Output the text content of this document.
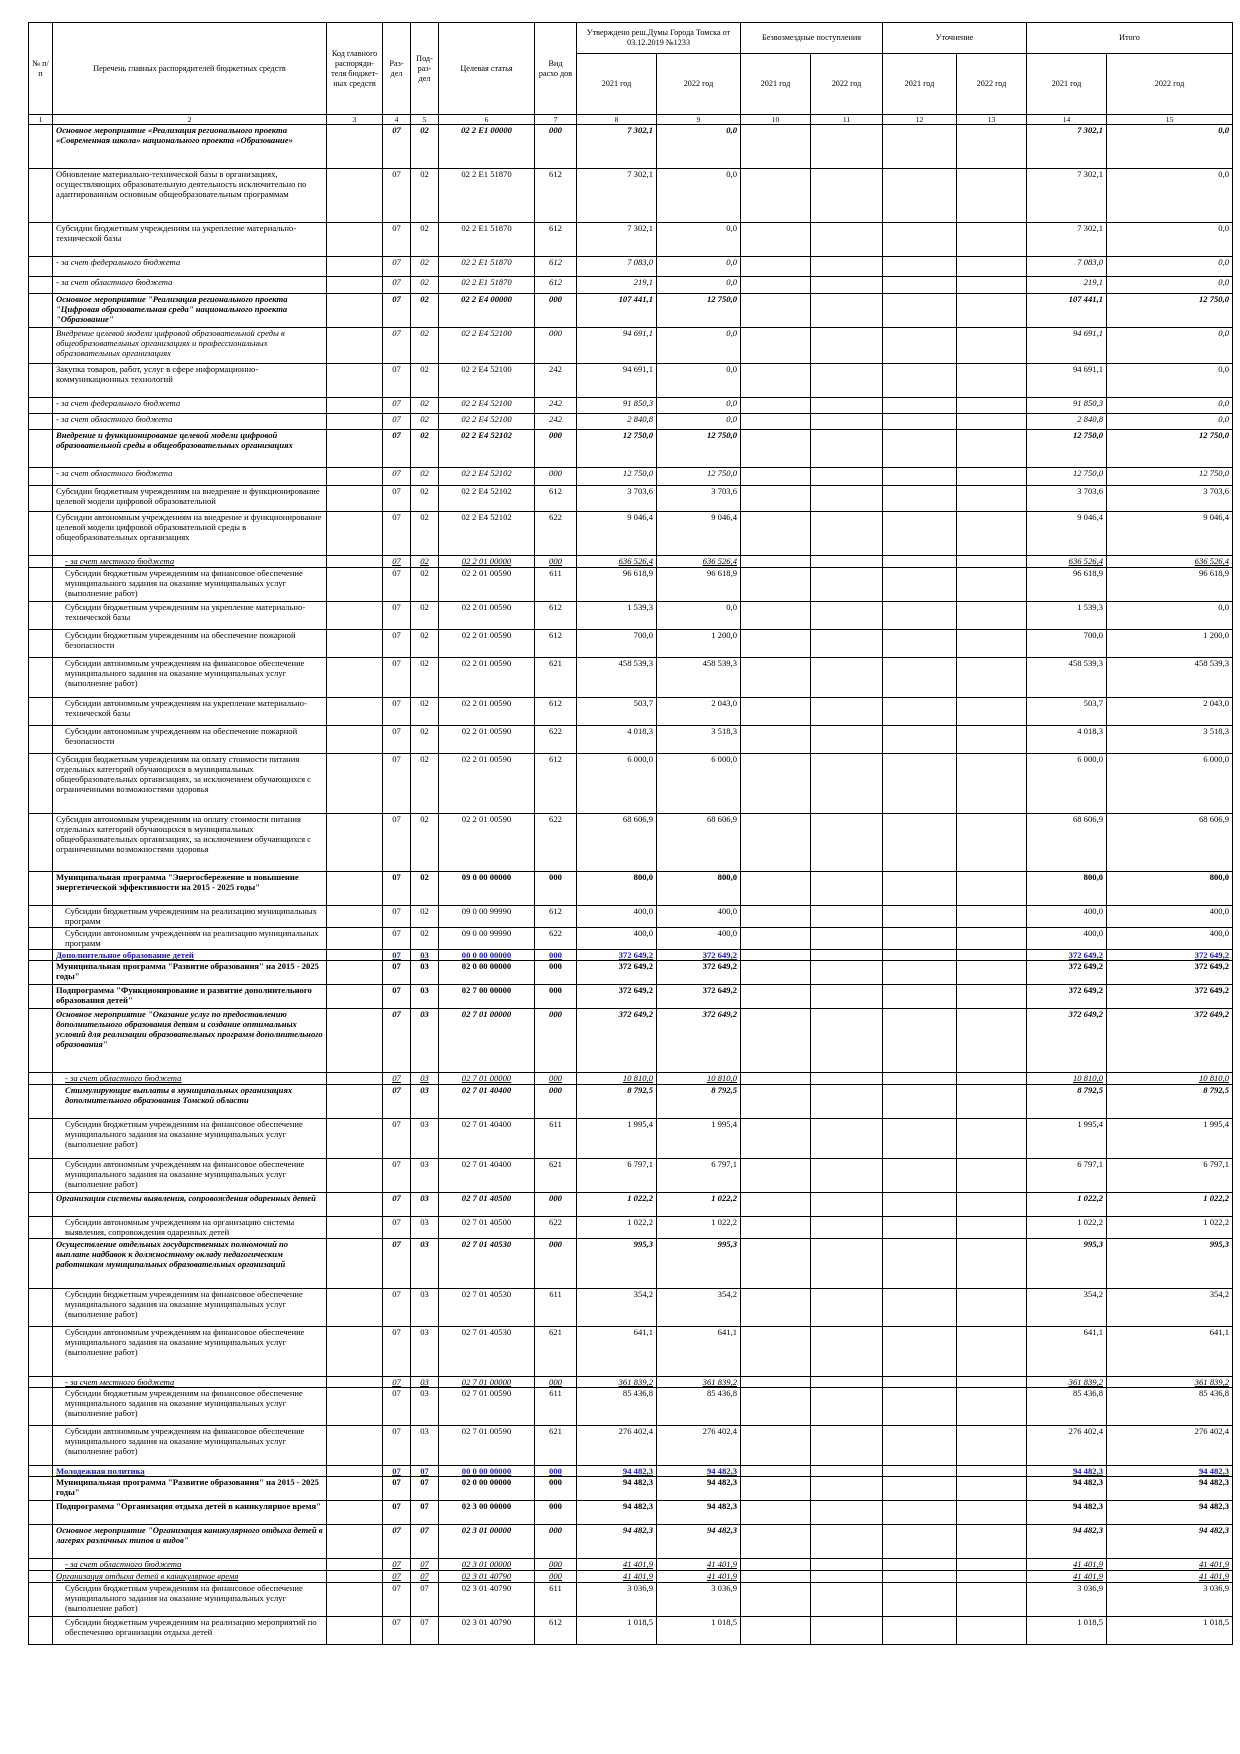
№ п/п	Перечень главных распорядителей бюджетных средств	Код главного распоряди-теля бюджет-ных средств	Раз-дел	Под-раз-дел	Целевая статья	Вид расхо дов	Утверждено реш.Думы Города Томска от 03.12.2019 №1233		Безвозмездные поступления		Уточнение		Итого	
							2021 год	2022 год	2021 год	2022 год	2021 год	2022 год	2021 год	2022 год
1	2	3	4	5	6	7	8	9	10	11	12	13	14	15
	Основное мероприятие «Реализация регионального проекта «Современная школа» национального проекта «Образование»		07	02	02 2 E1 00000	000	7 302,1	0,0					7 302,1	0,0
	Обновление материально-технической базы в организациях, осуществляющих образовательную деятельность исключительно по адаптированным основным общеобразовательным программам		07	02	02 2 E1 51870	612	7 302,1	0,0					7 302,1	0,0
	Субсидии бюджетным учреждениям на укрепление материально-технической базы		07	02	02 2 E1 51870	612	7 302,1	0,0					7 302,1	0,0
	- за счет федерального бюджета		07	02	02 2 E1 51870	612	7 083,0	0,0					7 083,0	0,0
	- за счет областного бюджета		07	02	02 2 E1 51870	612	219,1	0,0					219,1	0,0
	Основное мероприятие "Реализация регионального проекта "Цифровая образовательная среда" национального проекта "Образование"		07	02	02 2 E4 00000	000	107 441,1	12 750,0					107 441,1	12 750,0
	Внедрение целевой модели цифровой образовательной среды в общеобразовательных организациях и профессиональных образовательных организациях		07	02	02 2 E4 52100	000	94 691,1	0,0					94 691,1	0,0
	Закупка товаров, работ, услуг в сфере информационно-коммуникационных технологий		07	02	02 2 E4 52100	242	94 691,1	0,0					94 691,1	0,0
	- за счет федерального бюджета		07	02	02 2 E4 52100	242	91 850,3	0,0					91 850,3	0,0
	- за счет областного бюджета		07	02	02 2 E4 52100	242	2 840,8	0,0					2 840,8	0,0
	Внедрение и функционирование целевой модели цифровой образовательной среды в общеобразовательных организациях		07	02	02 2 E4 52102	000	12 750,0	12 750,0					12 750,0	12 750,0
	- за счет областного бюджета		07	02	02 2 E4 52102	000	12 750,0	12 750,0					12 750,0	12 750,0
	Субсидии бюджетным учреждениям на внедрение и функционирование целевой модели цифровой образовательной		07	02	02 2 E4 52102	612	3 703,6	3 703,6					3 703,6	3 703,6
	Субсидии автономным учреждениям на внедрение и функционирование целевой модели цифровой образовательной среды в общеобразовательных организациях		07	02	02 2 E4 52102	622	9 046,4	9 046,4					9 046,4	9 046,4
	- за счет местного бюджета		07	02	02 2 01 00000	000	636 526,4	636 526,4					636 526,4	636 526,4
	Субсидии бюджетным учреждениям на финансовое обеспечение муниципального задания на оказание муниципальных услуг (выполнение работ)		07	02	02 2 01 00590	611	96 618,9	96 618,9					96 618,9	96 618,9
	Субсидии бюджетным учреждениям на укрепление материально-технической базы		07	02	02 2 01 00590	612	1 539,3	0,0					1 539,3	0,0
	Субсидии бюджетным учреждениям на обеспечение пожарной безопасности		07	02	02 2 01 00590	612	700,0	1 200,0					700,0	1 200,0
	Субсидии автономным учреждениям на финансовое обеспечение муниципального задания на оказание муниципальных услуг (выполнение работ)		07	02	02 2 01 00590	621	458 539,3	458 539,3					458 539,3	458 539,3
	Субсидии автономным учреждениям на укрепление материально-технической базы		07	02	02 2 01 00590	612	503,7	2 043,0					503,7	2 043,0
	Субсидии автономным учреждениям на обеспечение пожарной безопасности		07	02	02 2 01 00590	622	4 018,3	3 518,3					4 018,3	3 518,3
	Субсидия бюджетным учреждениям на оплату стоимости питания отдельных категорий обучающихся в муниципальных общеобразовательных организациях, за исключением обучающихся с ограниченными возможностями здоровья		07	02	02 2 01 00590	612	6 000,0	6 000,0					6 000,0	6 000,0
	Субсидия автономным учреждениям на оплату стоимости питания отдельных категорий обучающихся в муниципальных общеобразовательных организациях, за исключением обучающихся с ограниченными возможностями здоровья		07	02	02 2 01 00590	622	68 606,9	68 606,9					68 606,9	68 606,9
	Муниципальная программа "Энергосбережение и повышение энергетической эффективности на 2015 - 2025 годы"		07	02	09 0 00 00000	000	800,0	800,0					800,0	800,0
	Субсидии бюджетным учреждениям на реализацию муниципальных программ		07	02	09 0 00 99990	612	400,0	400,0					400,0	400,0
	Субсидии автономным учреждениям на реализацию муниципальных программ		07	02	09 0 00 99990	622	400,0	400,0					400,0	400,0
	Дополнительное образование детей		07	03	00 0 00 00000	000	372 649,2	372 649,2					372 649,2	372 649,2
	Муниципальная программа "Развитие образования" на 2015 - 2025 годы"		07	03	02 0 00 00000	000	372 649,2	372 649,2					372 649,2	372 649,2
	Подпрограмма "Функционирование и развитие дополнительного образования детей"		07	03	02 7 00 00000	000	372 649,2	372 649,2					372 649,2	372 649,2
	Основное мероприятие "Оказание услуг по предоставлению дополнительного образования детям и создание оптимальных условий для реализации образовательных программ дополнительного образования"		07	03	02 7 01 00000	000	372 649,2	372 649,2					372 649,2	372 649,2
	- за счет областного бюджета		07	03	02 7 01 00000	000	10 810,0	10 810,0					10 810,0	10 810,0
	Стимулирующие выплаты в муниципальных организациях дополнительного образования Томской области		07	03	02 7 01 40400	000	8 792,5	8 792,5					8 792,5	8 792,5
	Субсидии бюджетным учреждениям на финансовое обеспечение муниципального задания на оказание муниципальных услуг (выполнение работ)		07	03	02 7 01 40400	611	1 995,4	1 995,4					1 995,4	1 995,4
	Субсидии автономным учреждениям на финансовое обеспечение муниципального задания на оказание муниципальных услуг (выполнение работ)		07	03	02 7 01 40400	621	6 797,1	6 797,1					6 797,1	6 797,1
	Организация системы выявления, сопровождения одаренных детей		07	03	02 7 01 40500	000	1 022,2	1 022,2					1 022,2	1 022,2
	Субсидии автономным учреждениям на организацию системы выявления, сопровождения одаренных детей		07	03	02 7 01 40500	622	1 022,2	1 022,2					1 022,2	1 022,2
	Осуществление отдельных государственных полномочий по выплате надбавок к должностному окладу педагогическим работникам муниципальных образовательных организаций		07	03	02 7 01 40530	000	995,3	995,3					995,3	995,3
	Субсидии бюджетным учреждениям на финансовое обеспечение муниципального задания на оказание муниципальных услуг (выполнение работ)		07	03	02 7 01 40530	611	354,2	354,2					354,2	354,2
	Субсидии автономным учреждениям на финансовое обеспечение муниципального задания на оказание муниципальных услуг (выполнение работ)		07	03	02 7 01 40530	621	641,1	641,1					641,1	641,1
	- за счет местного бюджета		07	03	02 7 01 00000	000	361 839,2	361 839,2					361 839,2	361 839,2
	Субсидии бюджетным учреждениям на финансовое обеспечение муниципального задания на оказание муниципальных услуг (выполнение работ)		07	03	02 7 01 00590	611	85 436,8	85 436,8					85 436,8	85 436,8
	Субсидии автономным учреждениям на финансовое обеспечение муниципального задания на оказание муниципальных услуг (выполнение работ)		07	03	02 7 01 00590	621	276 402,4	276 402,4					276 402,4	276 402,4
	Молодежная политика		07	07	00 0 00 00000	000	94 482,3	94 482,3					94 482,3	94 482,3
	Муниципальная программа "Развитие образования" на 2015 - 2025 годы"		07	07	02 0 00 00000	000	94 482,3	94 482,3					94 482,3	94 482,3
	Подпрограмма "Организация отдыха детей в каникулярное время"		07	07	02 3 00 00000	000	94 482,3	94 482,3					94 482,3	94 482,3
	Основное мероприятие "Организация каникулярного отдыха детей в лагерях различных типов и видов"		07	07	02 3 01 00000	000	94 482,3	94 482,3					94 482,3	94 482,3
	- за счет областного бюджета		07	07	02 3 01 00000	000	41 401,9	41 401,9					41 401,9	41 401,9
	Организация отдыха детей в каникулярное время		07	07	02 3 01 40790	000	41 401,9	41 401,9					41 401,9	41 401,9
	Субсидии бюджетным учреждениям на финансовое обеспечение муниципального задания на оказание муниципальных услуг (выполнение работ)		07	07	02 3 01 40790	611	3 036,9	3 036,9					3 036,9	3 036,9
	Субсидии бюджетным учреждениям на реализацию мероприятий по обеспечению организации отдыха детей		07	07	02 3 01 40790	612	1 018,5	1 018,5					1 018,5	1 018,5
